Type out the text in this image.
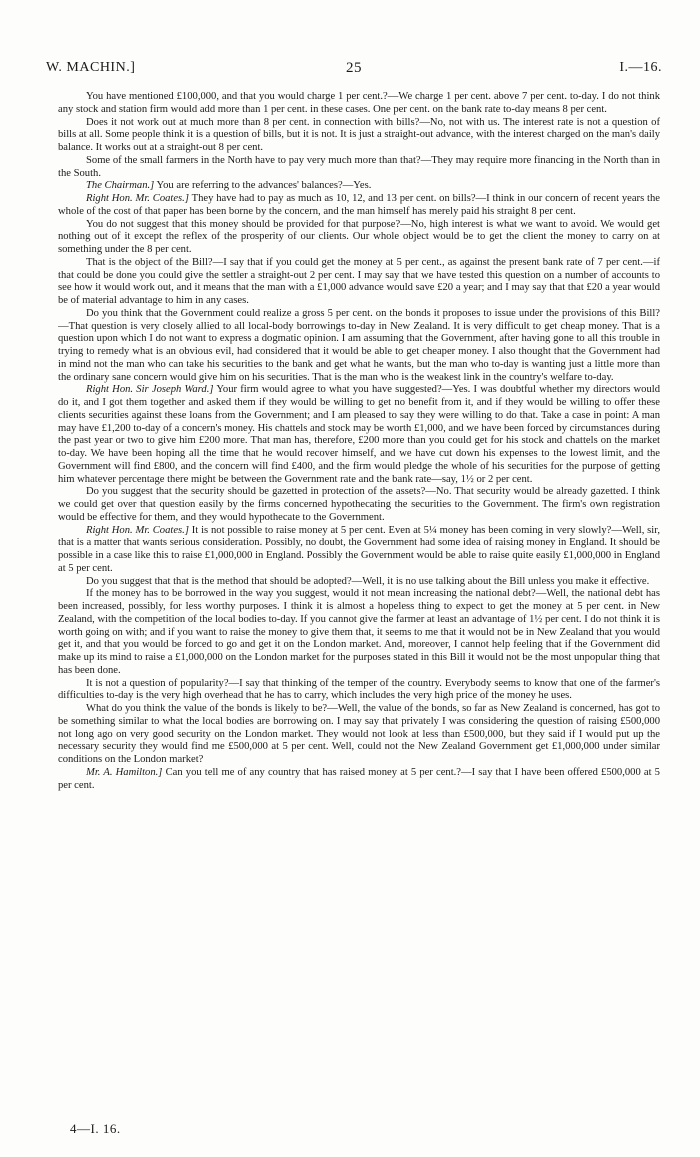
W. MACHIN.]	25	I.—16.

You have mentioned £100,000, and that you would charge 1 per cent.?—We charge 1 per cent. above 7 per cent. to-day. I do not think any stock and station firm would add more than 1 per cent. in these cases. One per cent. on the bank rate to-day means 8 per cent.

Does it not work out at much more than 8 per cent. in connection with bills?—No, not with us. The interest rate is not a question of bills at all. Some people think it is a question of bills, but it is not. It is just a straight-out advance, with the interest charged on the man's daily balance. It works out at a straight-out 8 per cent.

Some of the small farmers in the North have to pay very much more than that?—They may require more financing in the North than in the South.

The Chairman.] You are referring to the advances' balances?—Yes.

Right Hon. Mr. Coates.] They have had to pay as much as 10, 12, and 13 per cent. on bills?—I think in our concern of recent years the whole of the cost of that paper has been borne by the concern, and the man himself has merely paid his straight 8 per cent.

You do not suggest that this money should be provided for that purpose?—No, high interest is what we want to avoid. We would get nothing out of it except the reflex of the prosperity of our clients. Our whole object would be to get the client the money to carry on at something under the 8 per cent.

That is the object of the Bill?—I say that if you could get the money at 5 per cent., as against the present bank rate of 7 per cent.—if that could be done you could give the settler a straight-out 2 per cent. I may say that we have tested this question on a number of accounts to see how it would work out, and it means that the man with a £1,000 advance would save £20 a year; and I may say that that £20 a year would be of material advantage to him in any cases.

Do you think that the Government could realize a gross 5 per cent. on the bonds it proposes to issue under the provisions of this Bill?—That question is very closely allied to all local-body borrowings to-day in New Zealand. It is very difficult to get cheap money. That is a question upon which I do not want to express a dogmatic opinion. I am assuming that the Government, after having gone to all this trouble in trying to remedy what is an obvious evil, had considered that it would be able to get cheaper money. I also thought that the Government had in mind not the man who can take his securities to the bank and get what he wants, but the man who to-day is wanting just a little more than the ordinary sane concern would give him on his securities. That is the man who is the weakest link in the country's welfare to-day.

Right Hon. Sir Joseph Ward.] Your firm would agree to what you have suggested?—Yes. I was doubtful whether my directors would do it, and I got them together and asked them if they would be willing to get no benefit from it, and if they would be willing to offer these clients securities against these loans from the Government; and I am pleased to say they were willing to do that. Take a case in point: A man may have £1,200 to-day of a concern's money. His chattels and stock may be worth £1,000, and we have been forced by circumstances during the past year or two to give him £200 more. That man has, therefore, £200 more than you could get for his stock and chattels on the market to-day. We have been hoping all the time that he would recover himself, and we have cut down his expenses to the lowest limit, and the Government will find £800, and the concern will find £400, and the firm would pledge the whole of his securities for the purpose of getting him whatever percentage there might be between the Government rate and the bank rate—say, 1½ or 2 per cent.

Do you suggest that the security should be gazetted in protection of the assets?—No. That security would be already gazetted. I think we could get over that question easily by the firms concerned hypothecating the securities to the Government. The firm's own registration would be effective for them, and they would hypothecate to the Government.

Right Hon. Mr. Coates.] It is not possible to raise money at 5 per cent. Even at 5¼ money has been coming in very slowly?—Well, sir, that is a matter that wants serious consideration. Possibly, no doubt, the Government had some idea of raising money in England. It should be possible in a case like this to raise £1,000,000 in England. Possibly the Government would be able to raise quite easily £1,000,000 in England at 5 per cent.

Do you suggest that that is the method that should be adopted?—Well, it is no use talking about the Bill unless you make it effective.

If the money has to be borrowed in the way you suggest, would it not mean increasing the national debt?—Well, the national debt has been increased, possibly, for less worthy purposes. I think it is almost a hopeless thing to expect to get the money at 5 per cent. in New Zealand, with the competition of the local bodies to-day. If you cannot give the farmer at least an advantage of 1½ per cent. I do not think it is worth going on with; and if you want to raise the money to give them that, it seems to me that it would not be in New Zealand that you would get it, and that you would be forced to go and get it on the London market. And, moreover, I cannot help feeling that if the Government did make up its mind to raise a £1,000,000 on the London market for the purposes stated in this Bill it would not be the most unpopular thing that has been done.

It is not a question of popularity?—I say that thinking of the temper of the country. Everybody seems to know that one of the farmer's difficulties to-day is the very high overhead that he has to carry, which includes the very high price of the money he uses.

What do you think the value of the bonds is likely to be?—Well, the value of the bonds, so far as New Zealand is concerned, has got to be something similar to what the local bodies are borrowing on. I may say that privately I was considering the question of raising £500,000 not long ago on very good security on the London market. They would not look at less than £500,000, but they said if I would put up the necessary security they would find me £500,000 at 5 per cent. Well, could not the New Zealand Government get £1,000,000 under similar conditions on the London market?

Mr. A. Hamilton.] Can you tell me of any country that has raised money at 5 per cent.?—I say that I have been offered £500,000 at 5 per cent.

4—I. 16.
